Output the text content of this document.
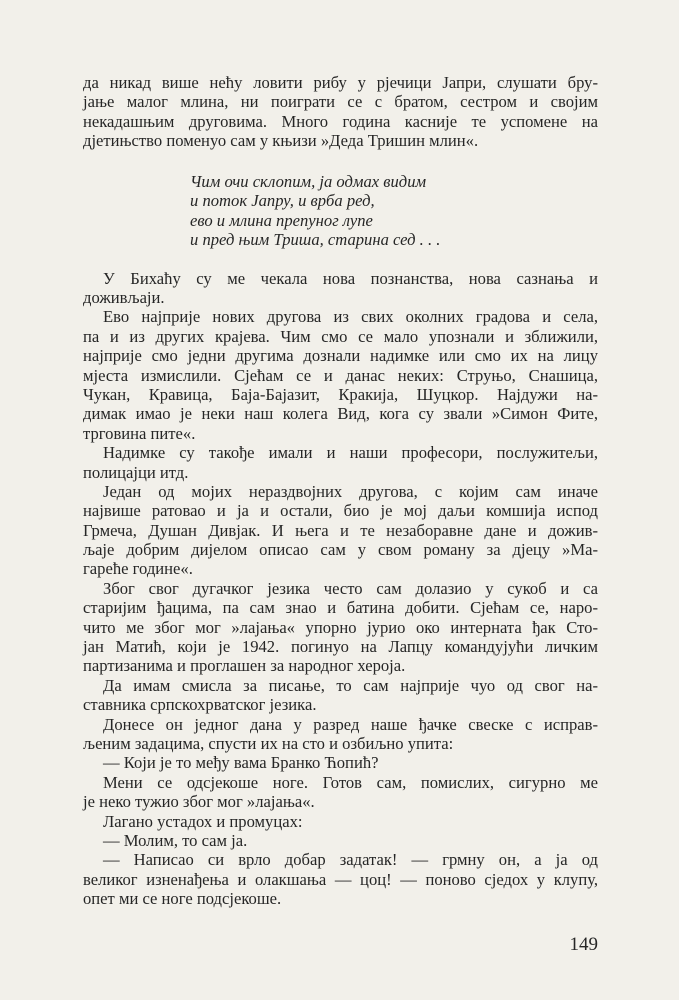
да никад више нећу ловити рибу у рјечици Јапри, слушати бру-
јање малог млина, ни поиграти се с братом, сестром и својим
некадашњим друговима. Много година касније те успомене на
дјетињство поменуо сам у књизи »Деда Тришин млин«.
Чим очи склопим, ја одмах видим
и поток Јапру, и врба ред,
ево и млина препуног лупе
и пред њим Триша, старина сед . . .
У Бихаћу су ме чекала нова познанства, нова сазнања и
доживљаји.
Ево најприје нових другова из свих околних градова и села,
па и из других крајева. Чим смо се мало упознали и зближили,
најприје смо једни другима дознали надимке или смо их на лицу
мјеста измислили. Сјећам се и данас неких: Струњо, Снашица,
Чукан, Кравица, Баја-Бајазит, Кракија, Шуцкор. Најдужи на-
димак имао је неки наш колега Вид, кога су звали »Симон Фите,
трговина пите«.
Надимке су такође имали и наши професори, послужитељи,
полицајци итд.
Један од мојих нераздвојних другова, с којим сам иначе
највише ратовао и ја и остали, био је мој даљи комшија испод
Грмеча, Душан Дивјак. И њега и те незаборавне дане и дожив-
љаје добрим дијелом описао сам у свом роману за дјецу »Ма-
гареће године«.
Због свог дугачког језика често сам долазио у сукоб и са
старијим ђацима, па сам знао и батина добити. Сјећам се, наро-
чито ме због мог »лајања« упорно јурио око интерната ђак Сто-
јан Матић, који је 1942. погинуо на Лапцу командујући личким
партизанима и проглашен за народног хероја.
Да имам смисла за писање, то сам најприје чуо од свог на-
ставника српскохрватског језика.
Донесе он једног дана у разред наше ђачке свеске с исправ-
љеним задацима, спусти их на сто и озбиљно упита:
— Који је то међу вама Бранко Ћопић?
Мени се одсјекоше ноге. Готов сам, помислих, сигурно ме
је неко тужио због мог »лајања«.
Лагано устадох и промуцах:
— Молим, то сам ја.
— Написао си врло добар задатак! — грмну он, а ја од
великог изненађења и олакшања — цоц! — поново сједох у клупу,
опет ми се ноге подсјекоше.
149
